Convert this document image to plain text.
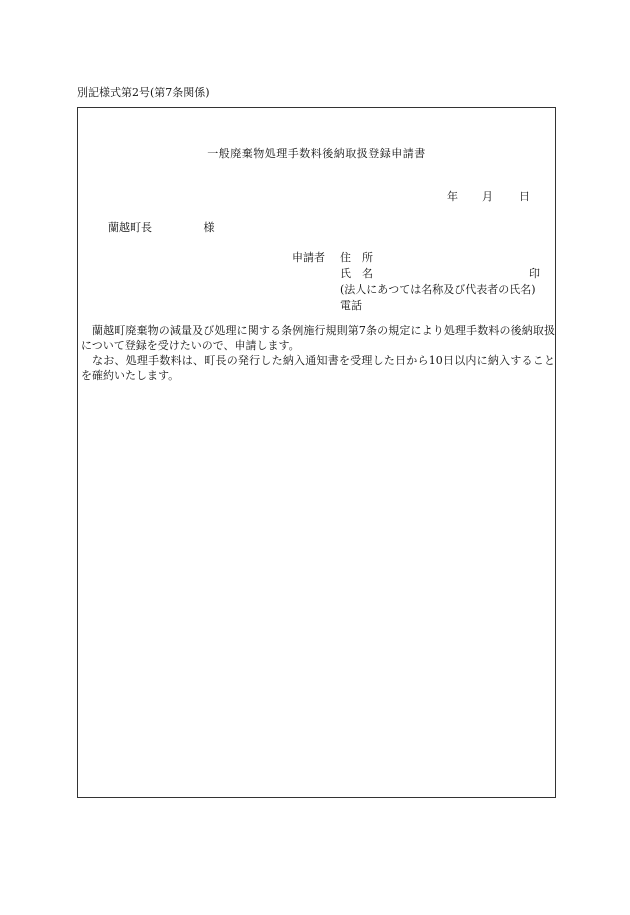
別記様式第2号(第7条関係)
一般廃棄物処理手数料後納取扱登録申請書
年 月 日
蘭越町長	様
申請者 住　所
氏　名	印
(法人にあつては名称及び代表者の氏名)
電話

蘭越町廃棄物の減量及び処理に関する条例施行規則第7条の規定により処理手数料の後納取扱について登録を受けたいので、申請します。

なお、処理手数料は、町長の発行した納入通知書を受理した日から10日以内に納入することを確約いたします。
